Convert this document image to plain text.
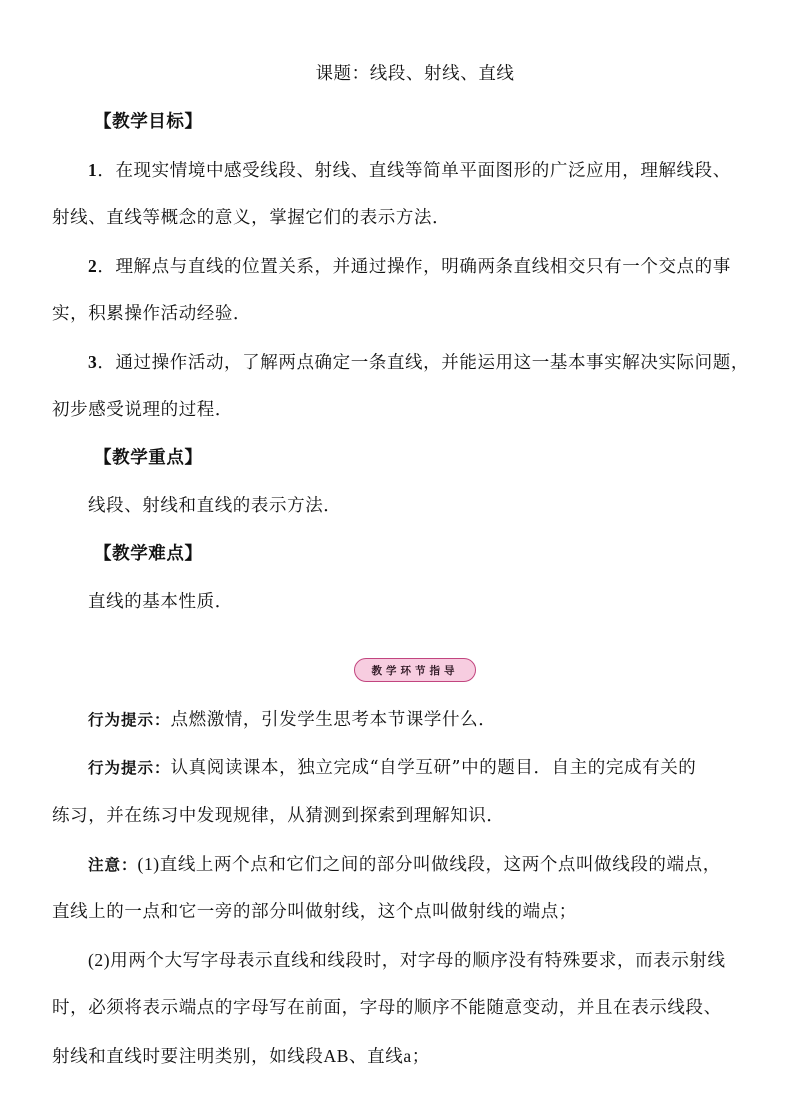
课题：线段、射线、直线
【教学目标】
1．在现实情境中感受线段、射线、直线等简单平面图形的广泛应用，理解线段、
射线、直线等概念的意义，掌握它们的表示方法．
2．理解点与直线的位置关系，并通过操作，明确两条直线相交只有一个交点的事
实，积累操作活动经验．
3．通过操作活动，了解两点确定一条直线，并能运用这一基本事实解决实际问题，
初步感受说理的过程．
【教学重点】
线段、射线和直线的表示方法．
【教学难点】
直线的基本性质．
教学环节指导
行为提示：点燃激情，引发学生思考本节课学什么．
行为提示：认真阅读课本，独立完成“自学互研”中的题目．自主的完成有关的
练习，并在练习中发现规律，从猜测到探索到理解知识．
注意：(1)直线上两个点和它们之间的部分叫做线段，这两个点叫做线段的端点，
直线上的一点和它一旁的部分叫做射线，这个点叫做射线的端点；
(2)用两个大写字母表示直线和线段时，对字母的顺序没有特殊要求，而表示射线
时，必须将表示端点的字母写在前面，字母的顺序不能随意变动，并且在表示线段、
射线和直线时要注明类别，如线段AB、直线a；
